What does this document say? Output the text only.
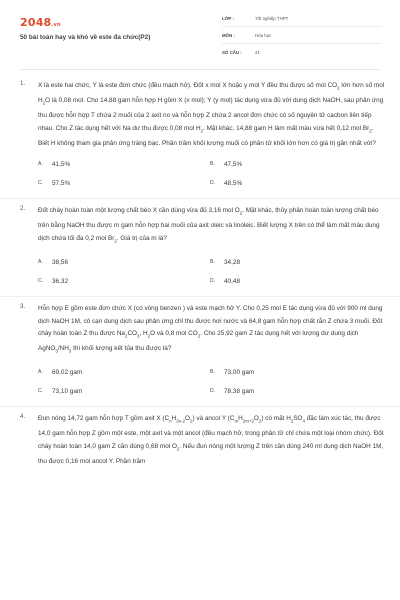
2048.vn
50 bài toán hay và khó về este đa chức(P2)
LỚP :	Tốt nghiệp THPT
MÔN :	Hóa học
SỐ CÂU :	21
1. X là este hai chức, Y là este đơn chức (đều mạch hở). Đốt x mol X hoặc y mol Y đều thu được số mol $CO_2$ lớn hơn số mol $H_2O$ là 0,08 mol. Cho 14,88 gam hỗn hợp H gồm X (x mol); Y (y mol) tác dụng vừa đủ với dung dịch NaOH, sau phản ứng thu được hỗn hợp T chứa 2 muối của 2 axit no và hỗn hợp Z chứa 2 ancol đơn chức có số nguyên tử cacbon liên tiếp nhau. Cho Z tác dụng hết với Na dư thu được 0,08 mol $H_2$. Mặt khác, 14,88 gam H làm mất màu vừa hết 0,12 mol $Br_2$. Biết H không tham gia phản ứng tráng bạc. Phần trăm khối lượng muối có phân tử khối lớn hơn có giá trị gần nhất với?
A.	41,5%	B.	47,5%
C.	57,5%	D.	48,5%
2. Đốt cháy hoàn toàn một lượng chất béo X cần dùng vừa đủ 3,16 mol $O_2$. Mặt khác, thủy phân hoàn toàn lượng chất béo trên bằng NaOH thu được m gam hỗn hợp hai muối của axit oleic và linoleic. Biết lượng X trên có thể làm mất màu dung dịch chứa tối đa 0,2 mol $Br_2$. Giá trị của m là?
A.	38,56	B.	34,28
C.	36,32	D.	40,48
3. Hỗn hợp E gồm este đơn chức X (có vòng benzen ) và este mạch hở Y. Cho 0,25 mol E tác dụng vừa đủ với 900 ml dung dịch NaOH 1M, cô cạn dung dịch sau phản ứng chỉ thu được hơi nước và 64,8 gam hỗn hợp chất rắn Z chứa 3 muối. Đốt cháy hoàn toàn Z thu được $Na_2CO_3$, $H_2O$ và 0,8 mol $CO_2$. Cho 25,92 gam Z tác dụng hết với lượng dư dung dịch $AgNO_3/NH_3$ thì khối lượng kết tủa thu được là?
A.	69,02 gam	B.	73,00 gam
C.	73,10 gam	D.	78,38 gam
4. Đun nóng 14,72 gam hỗn hợp T gồm axit X $(C_nH_{2n-2}O_2)$ và ancol Y $(C_mH_{2m+2}O_2)$ có mặt $H_2SO_4$ đặc làm xúc tác, thu được 14,0 gam hỗn hợp Z gồm một este, một axit và một ancol (đều mạch hở, trong phân tử chỉ chứa một loại nhóm chức). Đốt cháy hoàn toàn 14,0 gam Z cần dùng 0,68 mol $O_2$. Nếu đun nóng một lượng Z trên cần dùng 240 ml dung dịch NaOH 1M, thu được 0,16 mol ancol Y. Phần trăm
